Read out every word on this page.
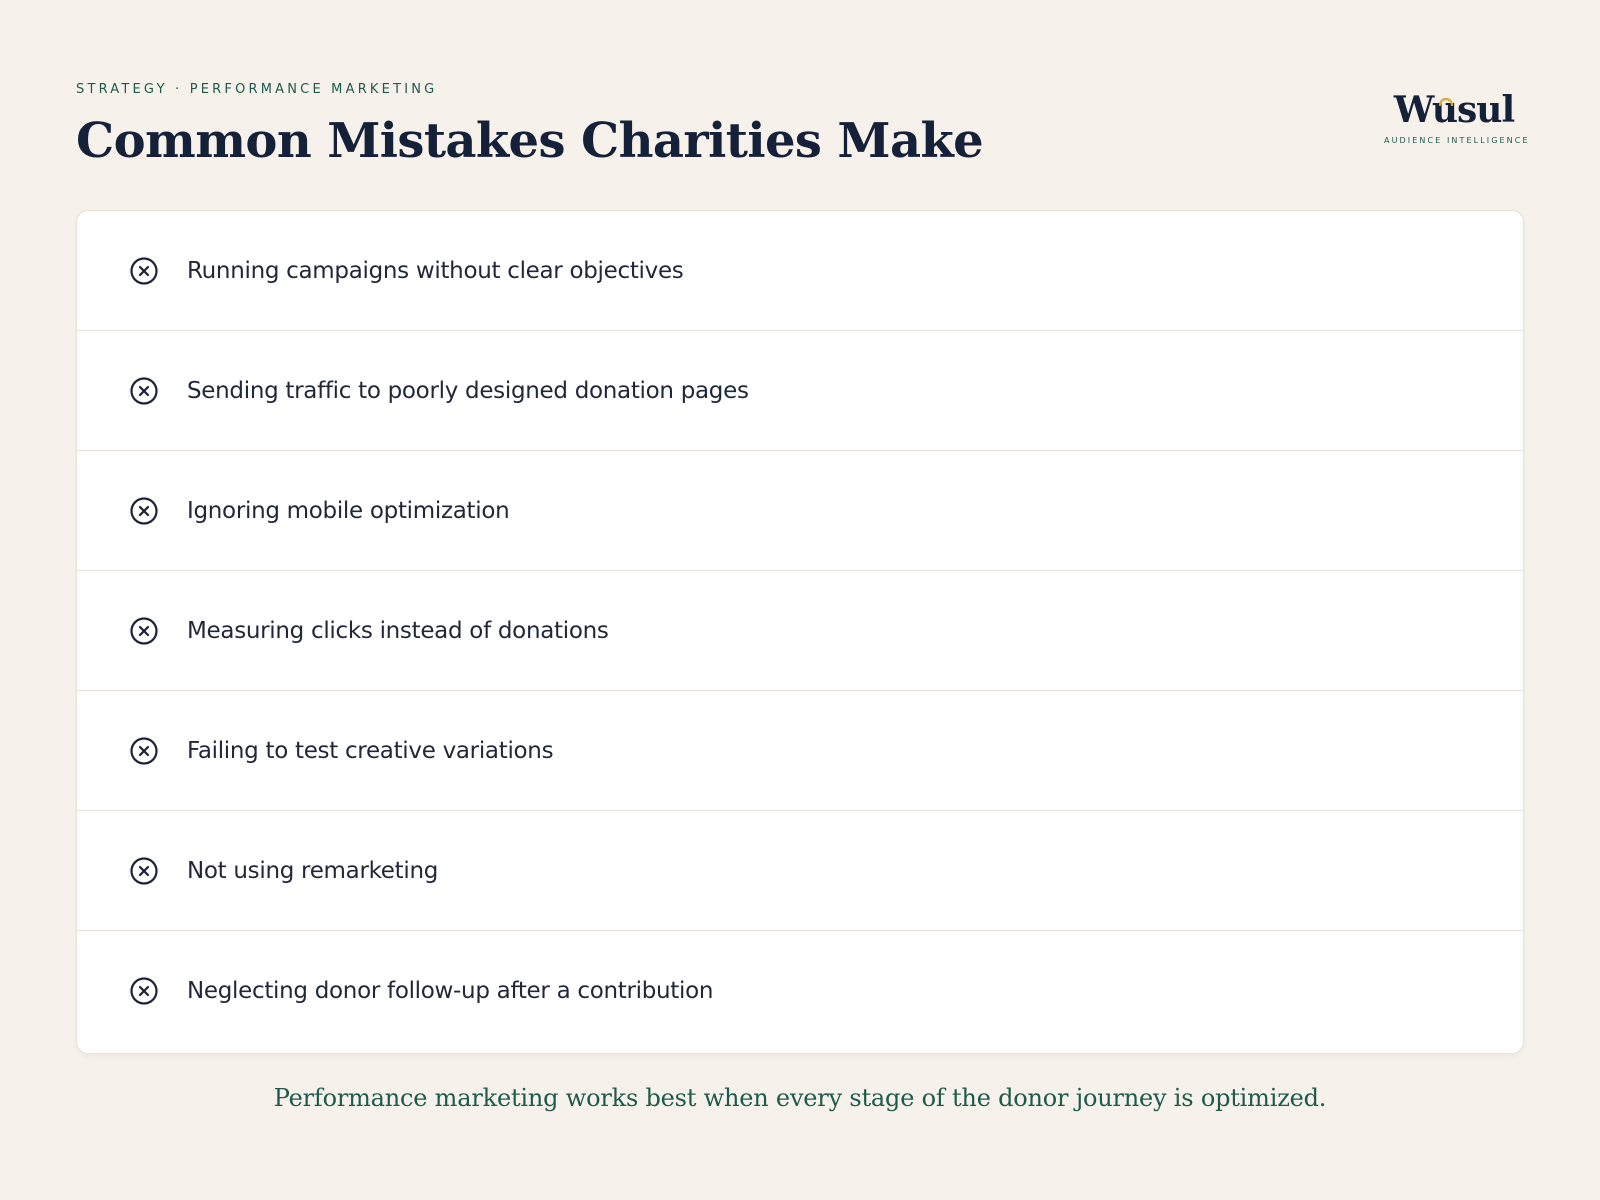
STRATEGY · PERFORMANCE MARKETING

Common Mistakes Charities Make
Wusul
AUDIENCE INTELLIGENCE
Running campaigns without clear objectives
Sending traffic to poorly designed donation pages
Ignoring mobile optimization
Measuring clicks instead of donations
Failing to test creative variations
Not using remarketing
Neglecting donor follow-up after a contribution

Performance marketing works best when every stage of the donor journey is optimized.
